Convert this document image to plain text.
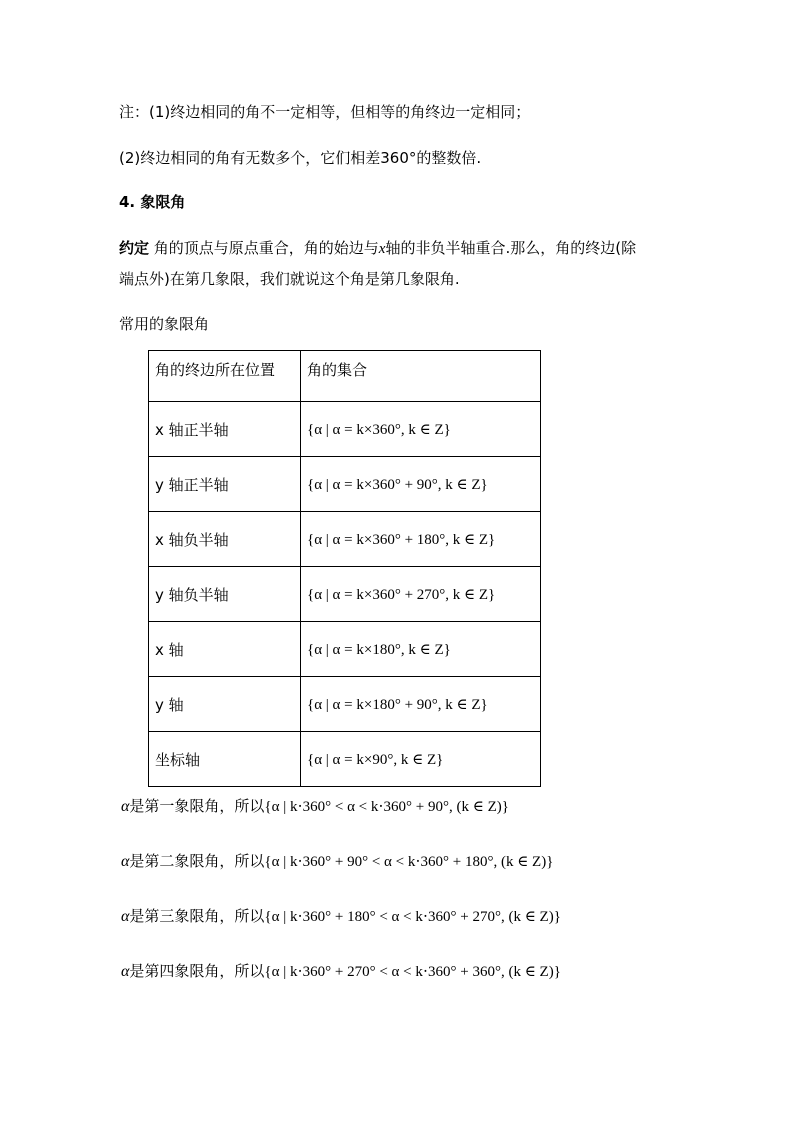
注：(1)终边相同的角不一定相等，但相等的角终边一定相同；
(2)终边相同的角有无数多个，它们相差360°的整数倍.
4. 象限角
约定 角的顶点与原点重合，角的始边与x轴的非负半轴重合.那么，角的终边(除
端点外)在第几象限，我们就说这个角是第几象限角.
常用的象限角
角的终边所在位置	角的集合
x 轴正半轴	{α | α = k×360°, k ∈ Z}
y 轴正半轴	{α | α = k×360° + 90°, k ∈ Z}
x 轴负半轴	{α | α = k×360° + 180°, k ∈ Z}
y 轴负半轴	{α | α = k×360° + 270°, k ∈ Z}
x 轴	{α | α = k×180°, k ∈ Z}
y 轴	{α | α = k×180° + 90°, k ∈ Z}
坐标轴	{α | α = k×90°, k ∈ Z}
α是第一象限角，所以{α | k⋅360° < α < k⋅360° + 90°, (k ∈ Z)}
α是第二象限角，所以{α | k⋅360° + 90° < α < k⋅360° + 180°, (k ∈ Z)}
α是第三象限角，所以{α | k⋅360° + 180° < α < k⋅360° + 270°, (k ∈ Z)}
α是第四象限角，所以{α | k⋅360° + 270° < α < k⋅360° + 360°, (k ∈ Z)}
